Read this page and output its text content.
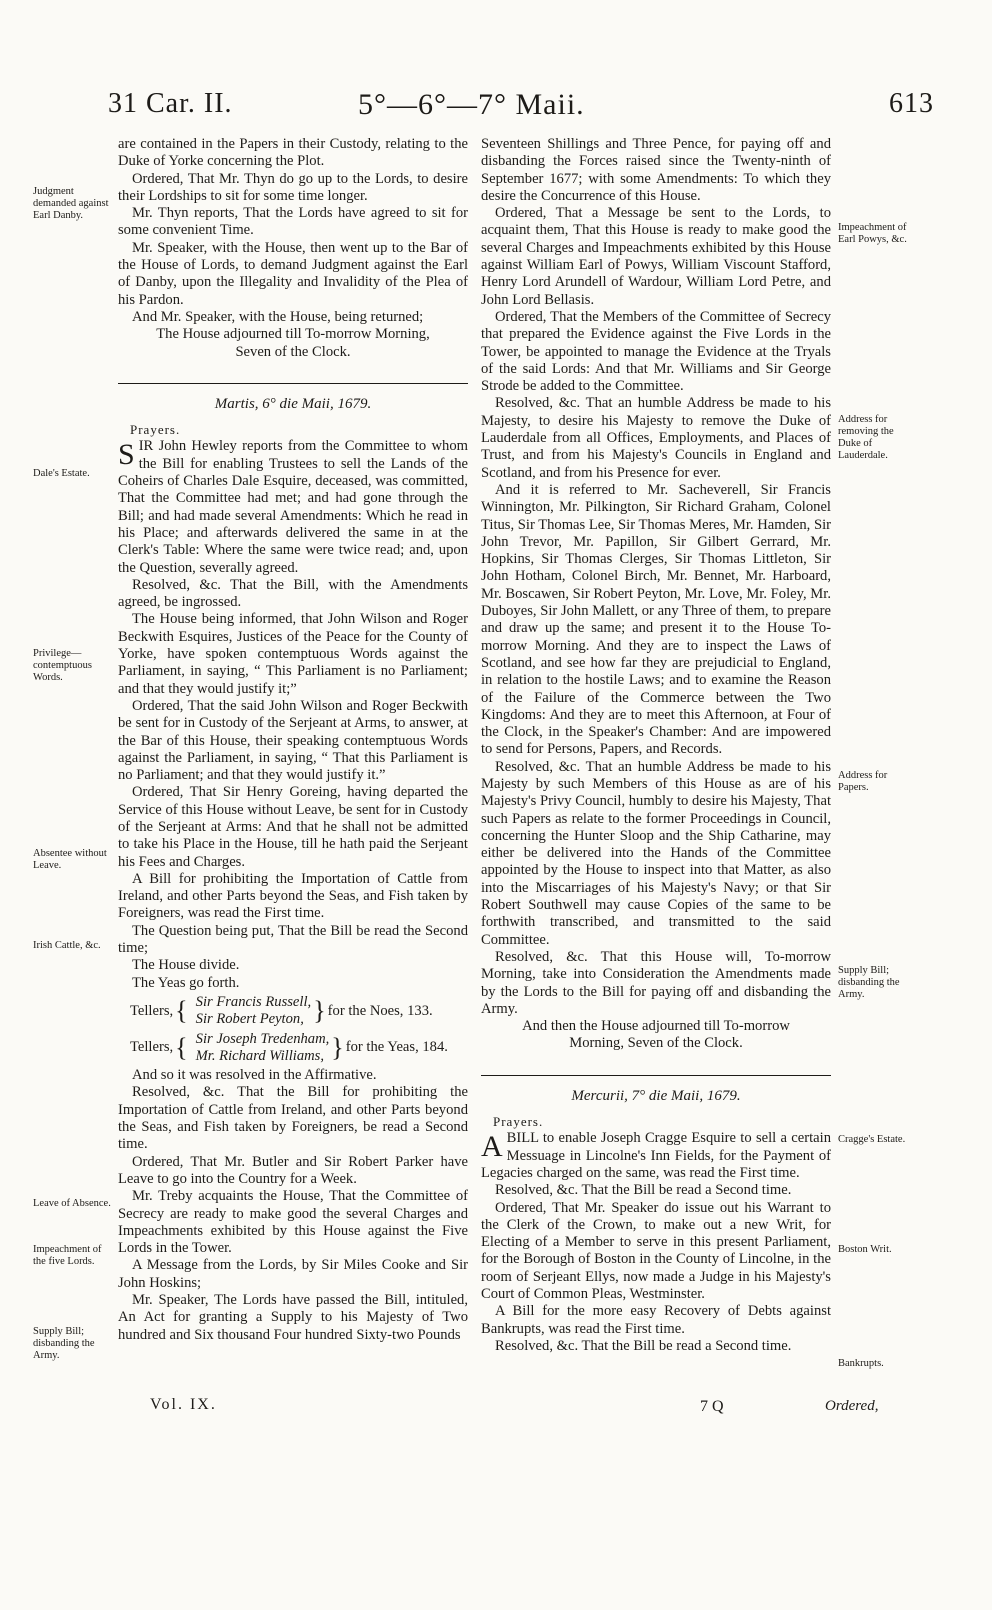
31 Car. II.	5°—6°—7° Maii.	613
Judgment demanded against Earl Danby.
Dale's Estate.
Privilege—contemptuous Words.
Absentee without Leave.
Irish Cattle, &c.
Leave of Absence.
Impeachment of the five Lords.
Supply Bill; disbanding the Army.
Impeachment of Earl Powys, &c.
Address for removing the Duke of Lauderdale.
Address for Papers.
Supply Bill; disbanding the Army.
Cragge's Estate.
Boston Writ.
Bankrupts.

are contained in the Papers in their Custody, relating to the Duke of Yorke concerning the Plot.

Ordered, That Mr. Thyn do go up to the Lords, to desire their Lordships to sit for some time longer.

Mr. Thyn reports, That the Lords have agreed to sit for some convenient Time.

Mr. Speaker, with the House, then went up to the Bar of the House of Lords, to demand Judgment against the Earl of Danby, upon the Illegality and Invalidity of the Plea of his Pardon.

And Mr. Speaker, with the House, being returned;

The House adjourned till To-morrow Morning, Seven of the Clock.

Martis, 6° die Maii, 1679.
Prayers.

SIR John Hewley reports from the Committee to whom the Bill for enabling Trustees to sell the Lands of the Coheirs of Charles Dale Esquire, deceased, was committed, That the Committee had met; and had gone through the Bill; and had made several Amendments: Which he read in his Place; and afterwards delivered the same in at the Clerk's Table: Where the same were twice read; and, upon the Question, severally agreed.

Resolved, &c. That the Bill, with the Amendments agreed, be ingrossed.

The House being informed, that John Wilson and Roger Beckwith Esquires, Justices of the Peace for the County of Yorke, have spoken contemptuous Words against the Parliament, in saying, “ This Parliament is no Parliament; and that they would justify it;”

Ordered, That the said John Wilson and Roger Beckwith be sent for in Custody of the Serjeant at Arms, to answer, at the Bar of this House, their speaking contemptuous Words against the Parliament, in saying, “ That this Parliament is no Parliament; and that they would justify it.”

Ordered, That Sir Henry Goreing, having departed the Service of this House without Leave, be sent for in Custody of the Serjeant at Arms: And that he shall not be admitted to take his Place in the House, till he hath paid the Serjeant his Fees and Charges.

A Bill for prohibiting the Importation of Cattle from Ireland, and other Parts beyond the Seas, and Fish taken by Foreigners, was read the First time.

The Question being put, That the Bill be read the Second time;

The House divide.

The Yeas go forth.

Tellers, { Sir Francis Russell,
Sir Robert Peyton, } for the Noes, 133.
Tellers, { Sir Joseph Tredenham,
Mr. Richard Williams, } for the Yeas, 184.

And so it was resolved in the Affirmative.

Resolved, &c. That the Bill for prohibiting the Importation of Cattle from Ireland, and other Parts beyond the Seas, and Fish taken by Foreigners, be read a Second time.

Ordered, That Mr. Butler and Sir Robert Parker have Leave to go into the Country for a Week.

Mr. Treby acquaints the House, That the Committee of Secrecy are ready to make good the several Charges and Impeachments exhibited by this House against the Five Lords in the Tower.

A Message from the Lords, by Sir Miles Cooke and Sir John Hoskins;

Mr. Speaker, The Lords have passed the Bill, intituled, An Act for granting a Supply to his Majesty of Two hundred and Six thousand Four hundred Sixty-two Pounds

Seventeen Shillings and Three Pence, for paying off and disbanding the Forces raised since the Twenty-ninth of September 1677; with some Amendments: To which they desire the Concurrence of this House.

Ordered, That a Message be sent to the Lords, to acquaint them, That this House is ready to make good the several Charges and Impeachments exhibited by this House against William Earl of Powys, William Viscount Stafford, Henry Lord Arundell of Wardour, William Lord Petre, and John Lord Bellasis.

Ordered, That the Members of the Committee of Secrecy that prepared the Evidence against the Five Lords in the Tower, be appointed to manage the Evidence at the Tryals of the said Lords: And that Mr. Williams and Sir George Strode be added to the Committee.

Resolved, &c. That an humble Address be made to his Majesty, to desire his Majesty to remove the Duke of Lauderdale from all Offices, Employments, and Places of Trust, and from his Majesty's Councils in England and Scotland, and from his Presence for ever.

And it is referred to Mr. Sacheverell, Sir Francis Winnington, Mr. Pilkington, Sir Richard Graham, Colonel Titus, Sir Thomas Lee, Sir Thomas Meres, Mr. Hamden, Sir John Trevor, Mr. Papillon, Sir Gilbert Gerrard, Mr. Hopkins, Sir Thomas Clerges, Sir Thomas Littleton, Sir John Hotham, Colonel Birch, Mr. Bennet, Mr. Harboard, Mr. Boscawen, Sir Robert Peyton, Mr. Love, Mr. Foley, Mr. Duboyes, Sir John Mallett, or any Three of them, to prepare and draw up the same; and present it to the House To-morrow Morning. And they are to inspect the Laws of Scotland, and see how far they are prejudicial to England, in relation to the hostile Laws; and to examine the Reason of the Failure of the Commerce between the Two Kingdoms: And they are to meet this Afternoon, at Four of the Clock, in the Speaker's Chamber: And are impowered to send for Persons, Papers, and Records.

Resolved, &c. That an humble Address be made to his Majesty by such Members of this House as are of his Majesty's Privy Council, humbly to desire his Majesty, That such Papers as relate to the former Proceedings in Council, concerning the Hunter Sloop and the Ship Catharine, may either be delivered into the Hands of the Committee appointed by the House to inspect into that Matter, as also into the Miscarriages of his Majesty's Navy; or that Sir Robert Southwell may cause Copies of the same to be forthwith transcribed, and transmitted to the said Committee.

Resolved, &c. That this House will, To-morrow Morning, take into Consideration the Amendments made by the Lords to the Bill for paying off and disbanding the Army.

And then the House adjourned till To-morrow Morning, Seven of the Clock.

Mercurii, 7° die Maii, 1679.
Prayers.

ABILL to enable Joseph Cragge Esquire to sell a certain Messuage in Lincolne's Inn Fields, for the Payment of Legacies charged on the same, was read the First time.

Resolved, &c. That the Bill be read a Second time.

Ordered, That Mr. Speaker do issue out his Warrant to the Clerk of the Crown, to make out a new Writ, for Electing of a Member to serve in this present Parliament, for the Borough of Boston in the County of Lincolne, in the room of Serjeant Ellys, now made a Judge in his Majesty's Court of Common Pleas, Westminster.

A Bill for the more easy Recovery of Debts against Bankrupts, was read the First time.

Resolved, &c. That the Bill be read a Second time.

Vol. IX.	7 Q	Ordered,
